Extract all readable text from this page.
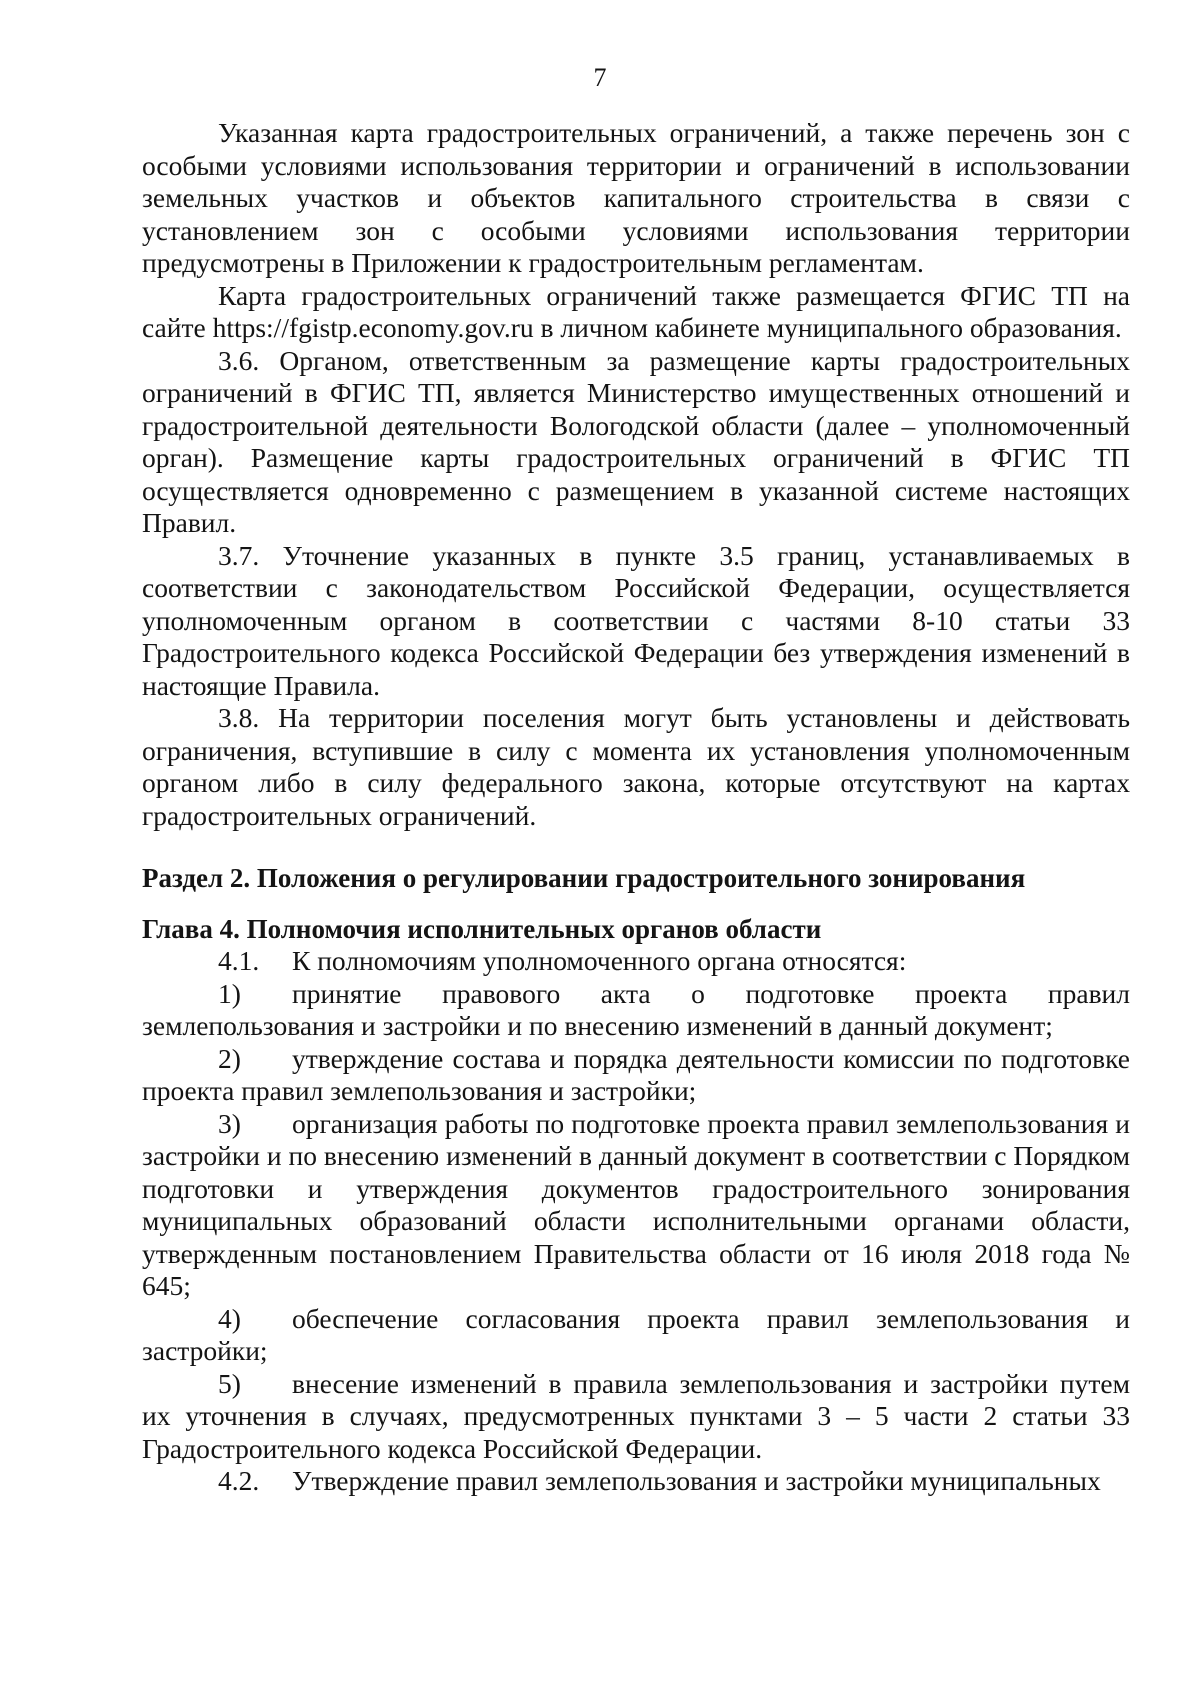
7

Указанная карта градостроительных ограничений, а также перечень зон с особыми условиями использования территории и ограничений в использовании земельных участков и объектов капитального строительства в связи с установлением зон с особыми условиями использования территории предусмотрены в Приложении к градостроительным регламентам.

Карта градостроительных ограничений также размещается ФГИС ТП на сайте https://fgistp.economy.gov.ru в личном кабинете муниципального образования.

3.6. Органом, ответственным за размещение карты градостроительных ограничений в ФГИС ТП, является Министерство имущественных отношений и градостроительной деятельности Вологодской области (далее – уполномоченный орган). Размещение карты градостроительных ограничений в ФГИС ТП осуществляется одновременно с размещением в указанной системе настоящих Правил.

3.7. Уточнение указанных в пункте 3.5 границ, устанавливаемых в соответствии с законодательством Российской Федерации, осуществляется уполномоченным органом в соответствии с частями 8-10 статьи 33 Градостроительного кодекса Российской Федерации без утверждения изменений в настоящие Правила.

3.8. На территории поселения могут быть установлены и действовать ограничения, вступившие в силу с момента их установления уполномоченным органом либо в силу федерального закона, которые отсутствуют на картах градостроительных ограничений.

Раздел 2. Положения о регулировании градостроительного зонирования

Глава 4. Полномочия исполнительных органов области

4.1. К полномочиям уполномоченного органа относятся:

1) принятие правового акта о подготовке проекта правил землепользования и застройки и по внесению изменений в данный документ;

2) утверждение состава и порядка деятельности комиссии по подготовке проекта правил землепользования и застройки;

3) организация работы по подготовке проекта правил землепользования и застройки и по внесению изменений в данный документ в соответствии с Порядком подготовки и утверждения документов градостроительного зонирования муниципальных образований области исполнительными органами области, утвержденным постановлением Правительства области от 16 июля 2018 года № 645;

4) обеспечение согласования проекта правил землепользования и застройки;

5) внесение изменений в правила землепользования и застройки путем их уточнения в случаях, предусмотренных пунктами 3 – 5 части 2 статьи 33 Градостроительного кодекса Российской Федерации.

4.2. Утверждение правил землепользования и застройки муниципальных
